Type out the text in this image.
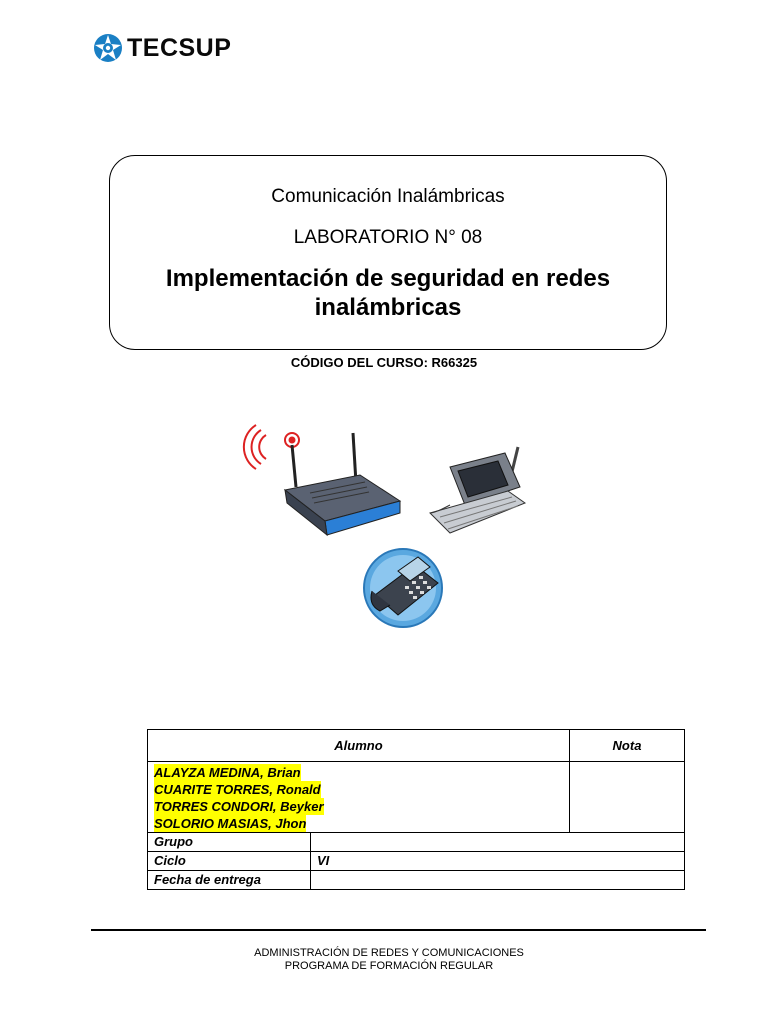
TECSUP
Comunicación Inalámbricas
LABORATORIO N° 08
Implementación de seguridad en redes inalámbricas
CÓDIGO DEL CURSO: R66325
Alumno		Nota
ALAYZA MEDINA, Brian
CUARITE TORRES, Ronald
TORRES CONDORI, Beyker
SOLORIO MASIAS, Jhon		
Grupo		
Ciclo	VI	
Fecha de entrega		
ADMINISTRACIÓN DE REDES Y COMUNICACIONES
PROGRAMA DE FORMACIÓN REGULAR
